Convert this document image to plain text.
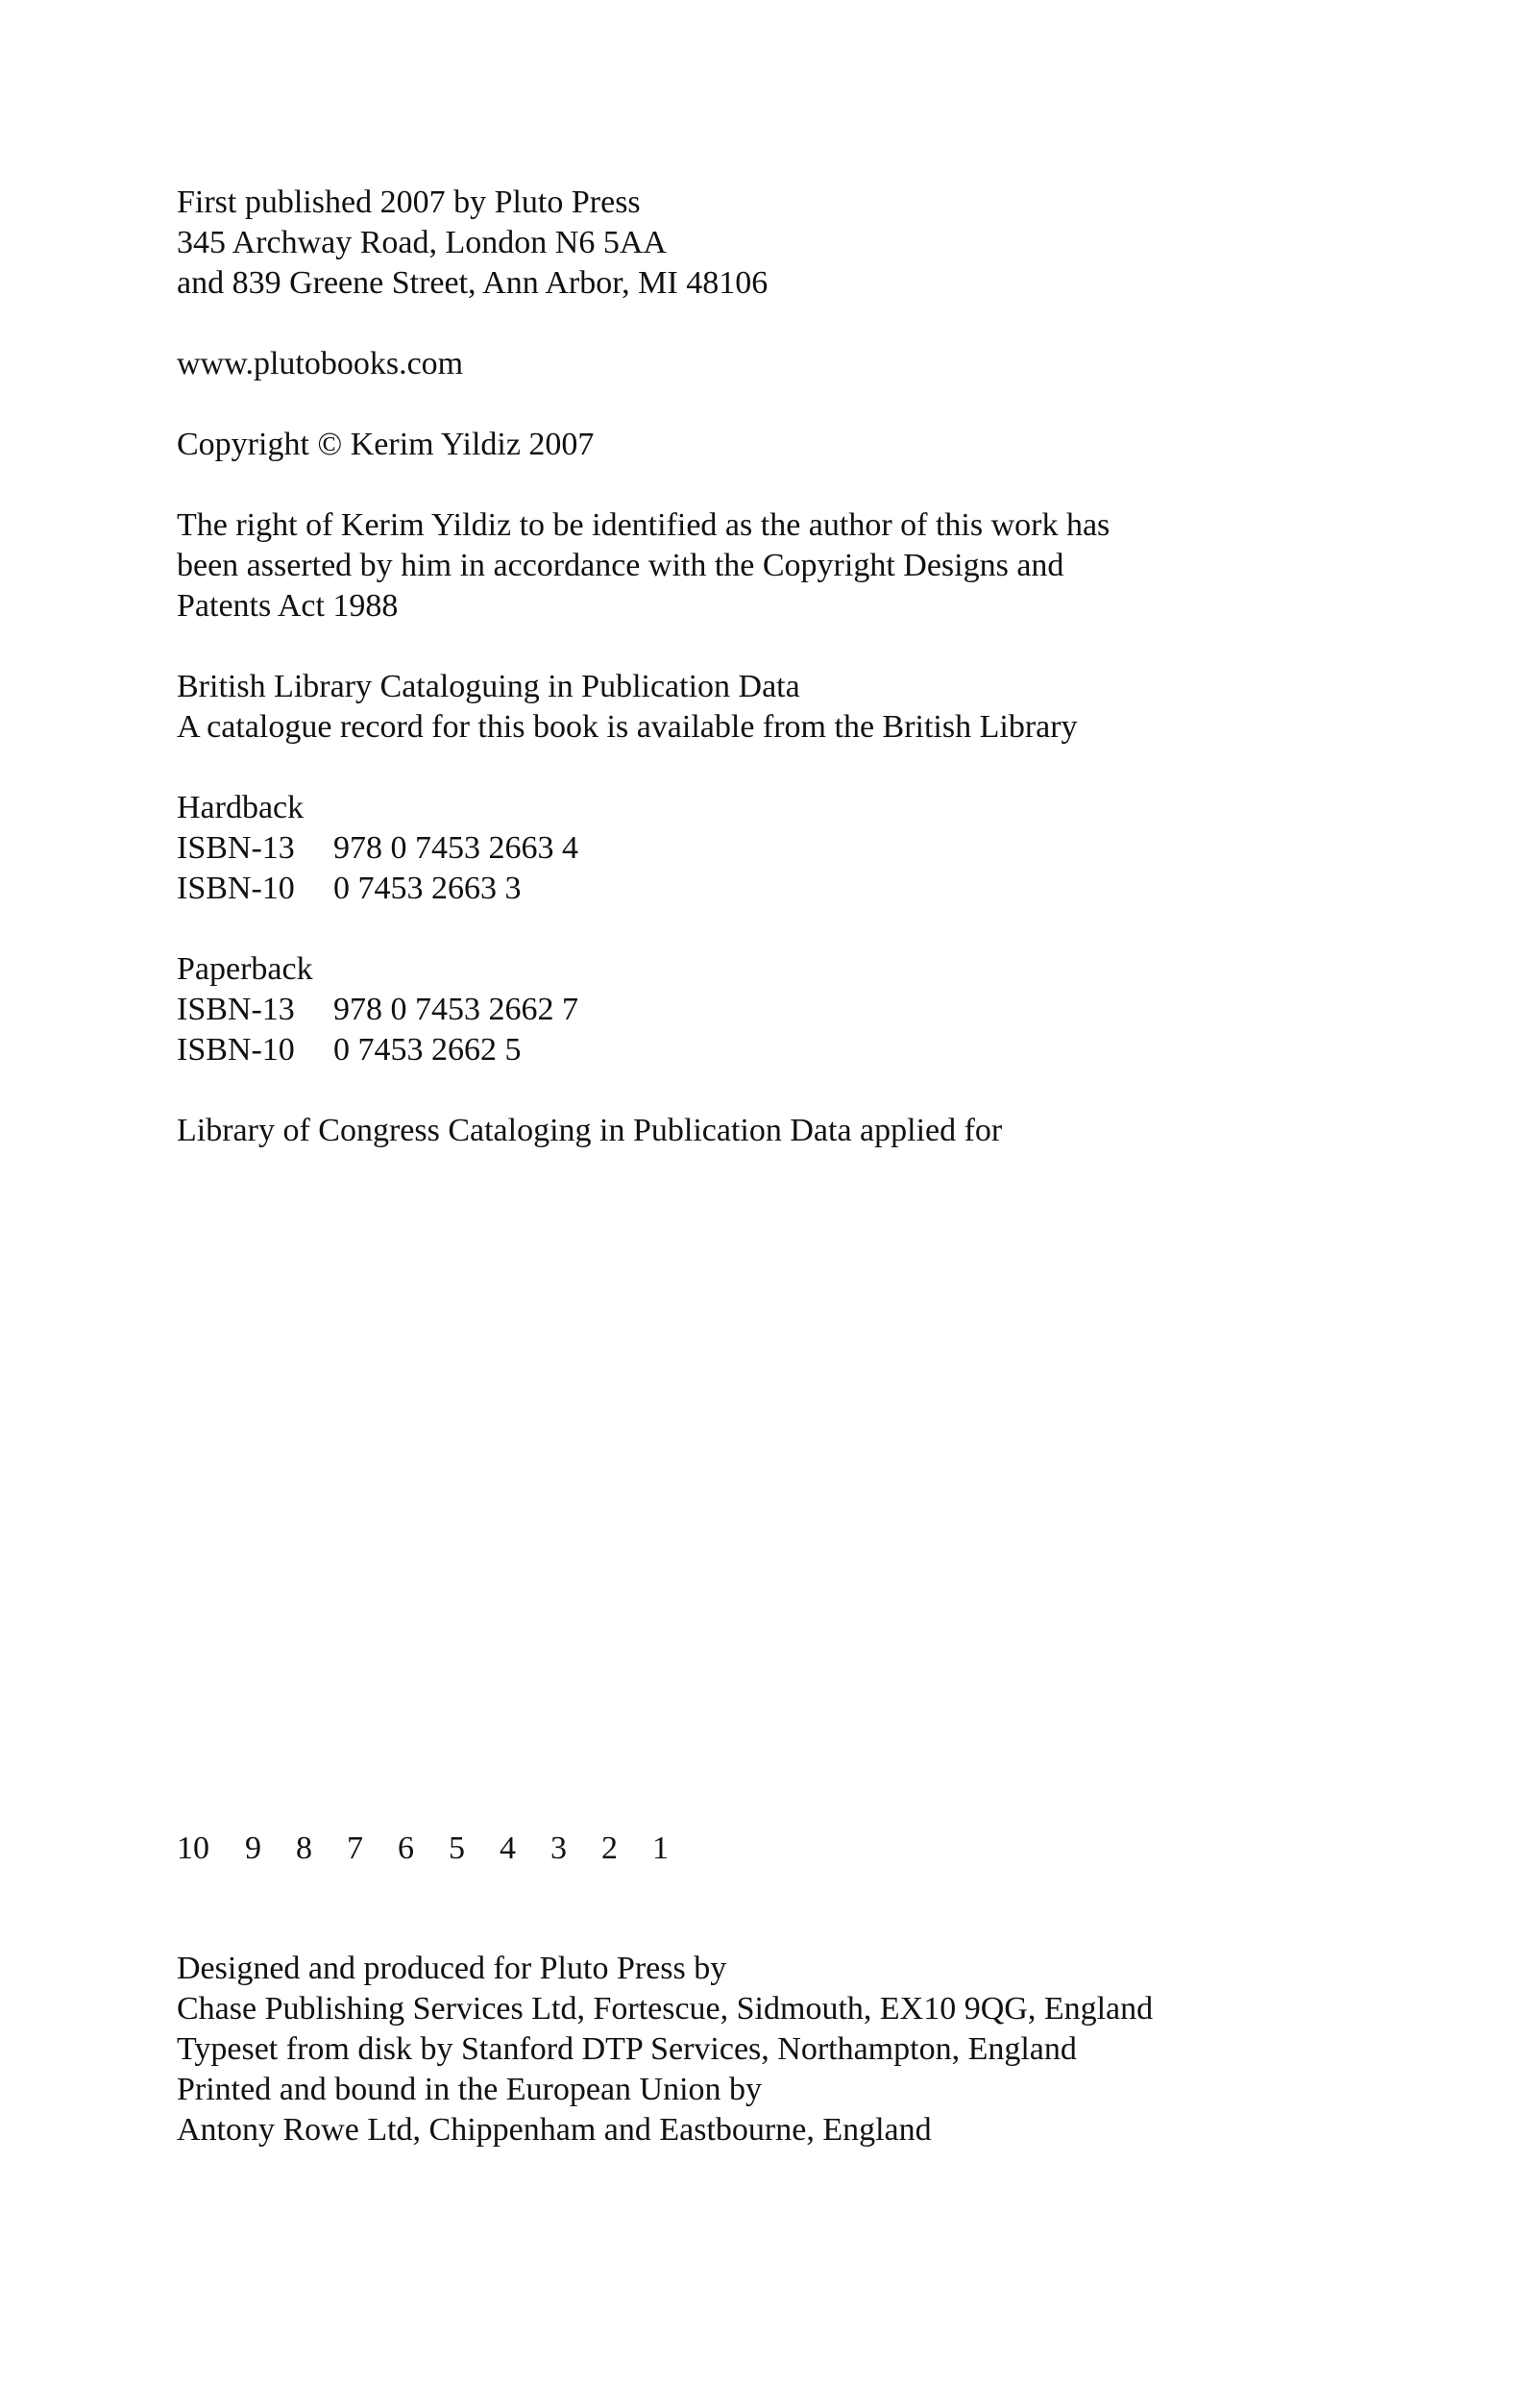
First published 2007 by Pluto Press
345 Archway Road, London N6 5AA
and 839 Greene Street, Ann Arbor, MI 48106
www.plutobooks.com
Copyright © Kerim Yildiz 2007
The right of Kerim Yildiz to be identified as the author of this work has
been asserted by him in accordance with the Copyright Designs and
Patents Act 1988
British Library Cataloguing in Publication Data
A catalogue record for this book is available from the British Library
Hardback
ISBN-13	978 0 7453 2663 4
ISBN-10	0 7453 2663 3
Paperback
ISBN-13	978 0 7453 2662 7
ISBN-10	0 7453 2662 5
Library of Congress Cataloging in Publication Data applied for
10	9	8	7	6	5	4	3	2	1
Designed and produced for Pluto Press by
Chase Publishing Services Ltd, Fortescue, Sidmouth, EX10 9QG, England
Typeset from disk by Stanford DTP Services, Northampton, England
Printed and bound in the European Union by
Antony Rowe Ltd, Chippenham and Eastbourne, England
